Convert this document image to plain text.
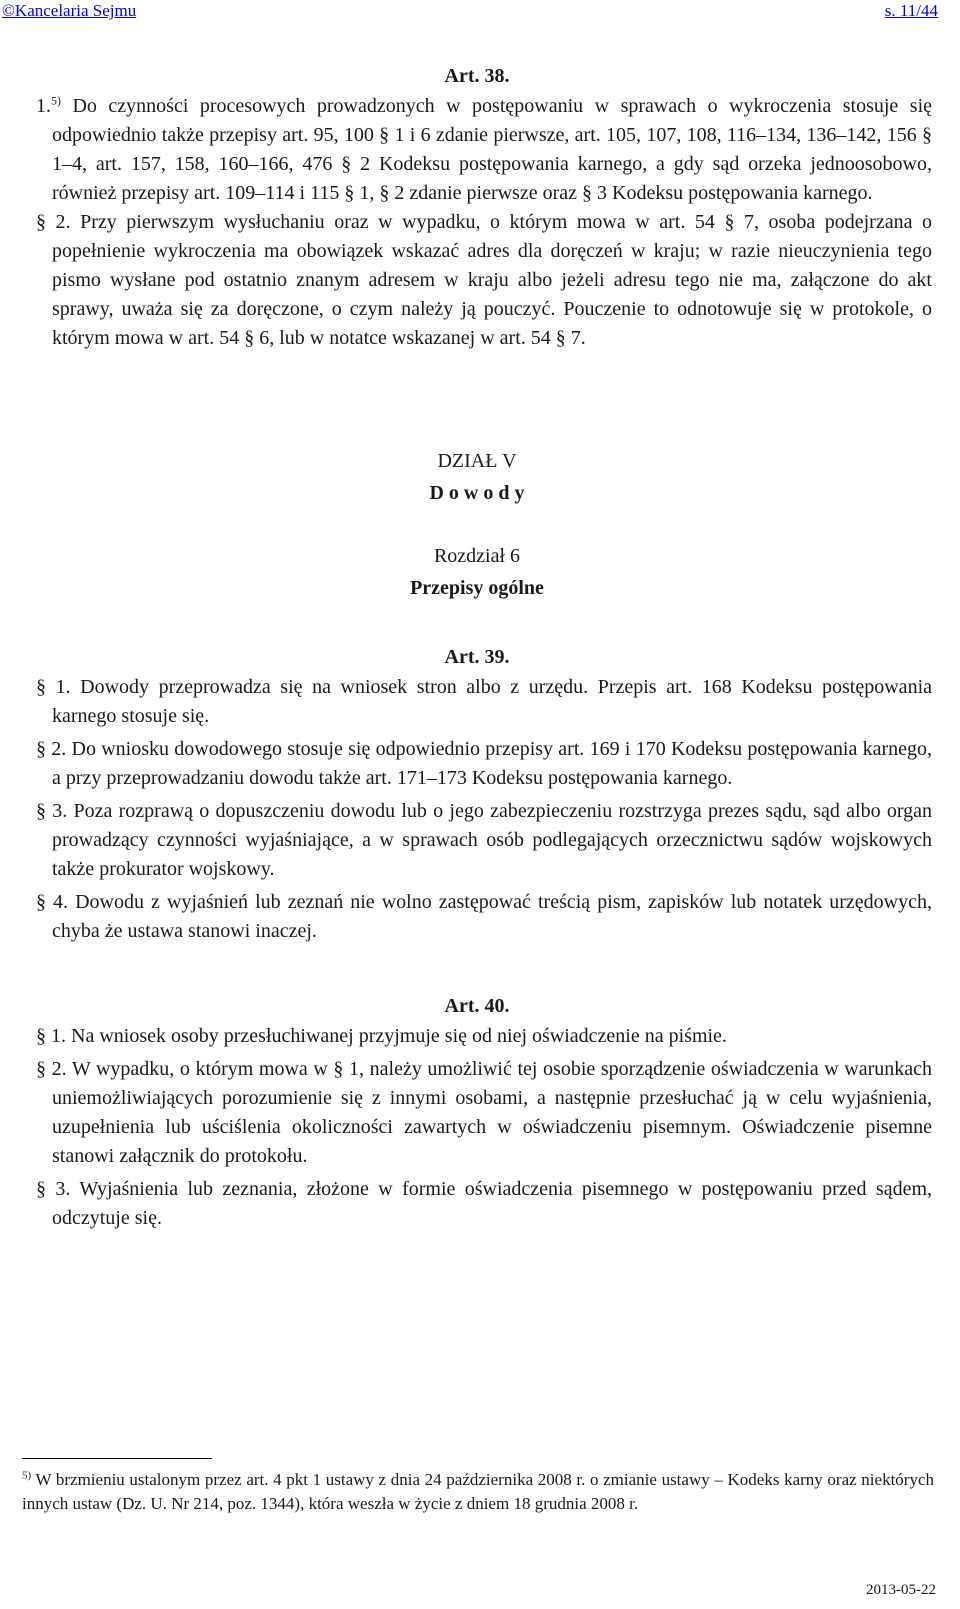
©Kancelaria Sejmu	s. 11/44

Art. 38.

1.$^{5)}$ Do czynności procesowych prowadzonych w postępowaniu w sprawach o wykroczenia stosuje się odpowiednio także przepisy art. 95, 100 § 1 i 6 zdanie pierwsze, art. 105, 107, 108, 116–134, 136–142, 156 § 1–4, art. 157, 158, 160–166, 476 § 2 Kodeksu postępowania karnego, a gdy sąd orzeka jednoosobowo, również przepisy art. 109–114 i 115 § 1, § 2 zdanie pierwsze oraz § 3 Kodeksu postępowania karnego.

§ 2. Przy pierwszym wysłuchaniu oraz w wypadku, o którym mowa w art. 54 § 7, osoba podejrzana o popełnienie wykroczenia ma obowiązek wskazać adres dla doręczeń w kraju; w razie nieuczynienia tego pismo wysłane pod ostatnio znanym adresem w kraju albo jeżeli adresu tego nie ma, załączone do akt sprawy, uważa się za doręczone, o czym należy ją pouczyć. Pouczenie to odnotowuje się w protokole, o którym mowa w art. 54 § 6, lub w notatce wskazanej w art. 54 § 7.

DZIAŁ V

D o w o d y

Rozdział 6

Przepisy ogólne

Art. 39.

§ 1. Dowody przeprowadza się na wniosek stron albo z urzędu. Przepis art. 168 Kodeksu postępowania karnego stosuje się.

§ 2. Do wniosku dowodowego stosuje się odpowiednio przepisy art. 169 i 170 Kodeksu postępowania karnego, a przy przeprowadzaniu dowodu także art. 171–173 Kodeksu postępowania karnego.

§ 3. Poza rozprawą o dopuszczeniu dowodu lub o jego zabezpieczeniu rozstrzyga prezes sądu, sąd albo organ prowadzący czynności wyjaśniające, a w sprawach osób podlegających orzecznictwu sądów wojskowych także prokurator wojskowy.

§ 4. Dowodu z wyjaśnień lub zeznań nie wolno zastępować treścią pism, zapisków lub notatek urzędowych, chyba że ustawa stanowi inaczej.

Art. 40.

§ 1. Na wniosek osoby przesłuchiwanej przyjmuje się od niej oświadczenie na piśmie.

§ 2. W wypadku, o którym mowa w § 1, należy umożliwić tej osobie sporządzenie oświadczenia w warunkach uniemożliwiających porozumienie się z innymi osobami, a następnie przesłuchać ją w celu wyjaśnienia, uzupełnienia lub uściślenia okoliczności zawartych w oświadczeniu pisemnym. Oświadczenie pisemne stanowi załącznik do protokołu.

§ 3. Wyjaśnienia lub zeznania, złożone w formie oświadczenia pisemnego w postępowaniu przed sądem, odczytuje się.

$^{5)}$ W brzmieniu ustalonym przez art. 4 pkt 1 ustawy z dnia 24 października 2008 r. o zmianie ustawy – Kodeks karny oraz niektórych innych ustaw (Dz. U. Nr 214, poz. 1344), która weszła w życie z dniem 18 grudnia 2008 r.
2013-05-22
